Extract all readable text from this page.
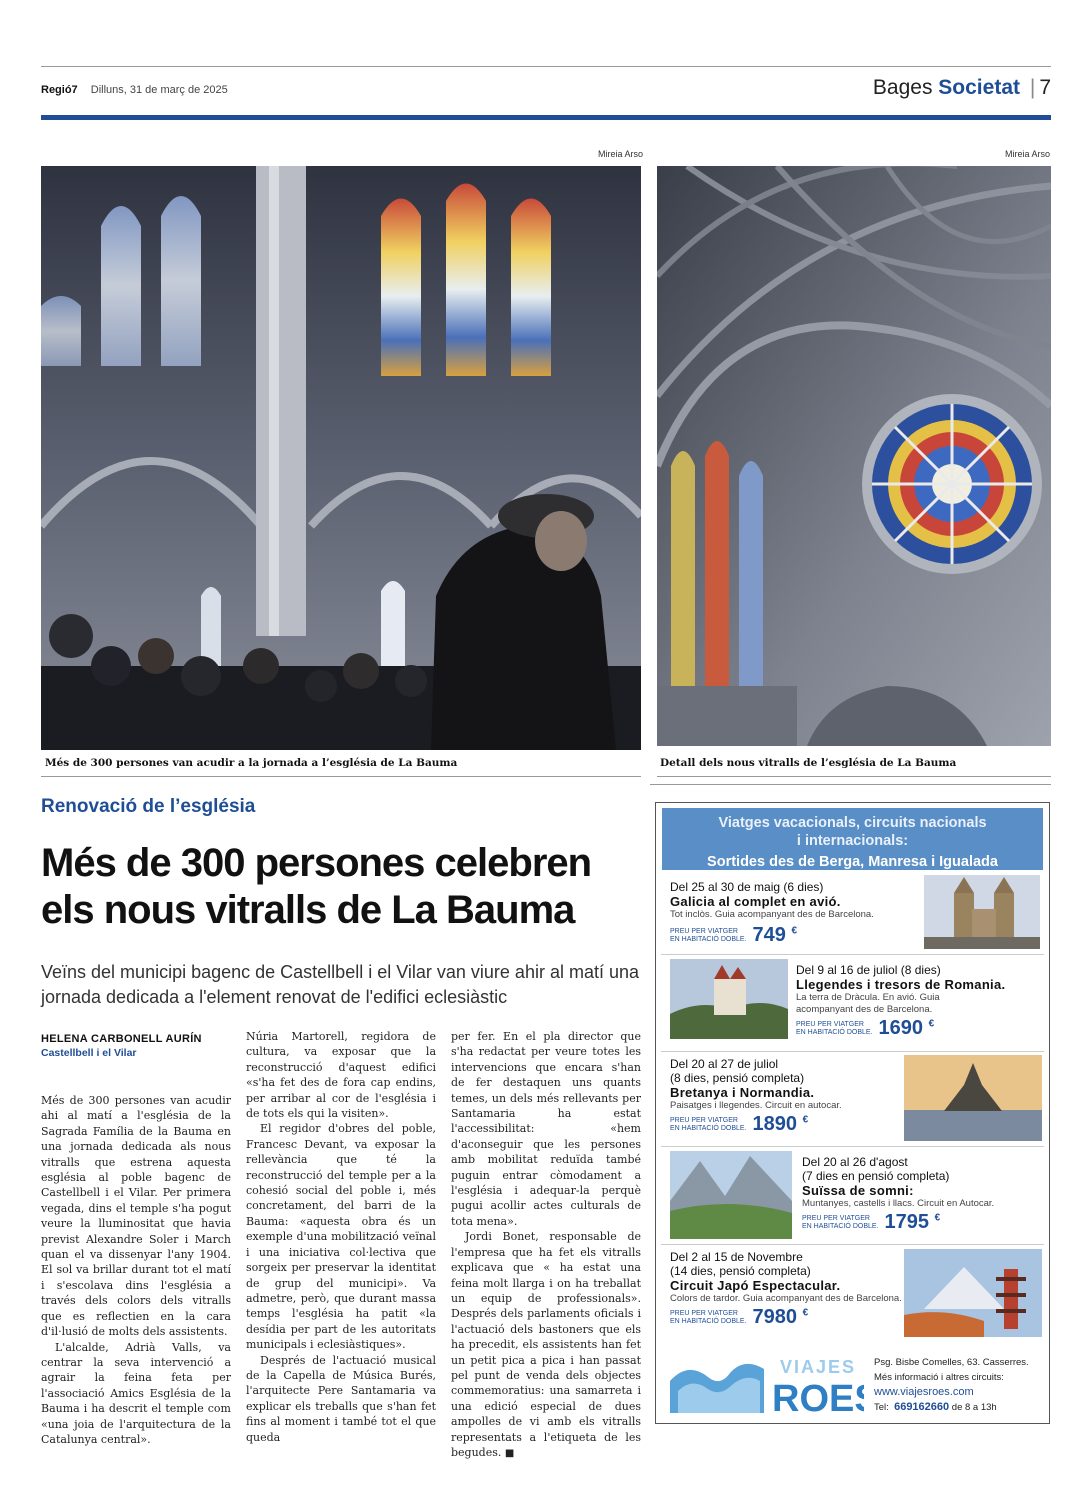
Regió7 Dilluns, 31 de març de 2025	Bages Societat | 7
Mireia Arso
Més de 300 persones van acudir a la jornada a l’església de La Bauma
Mireia Arso
Detall dels nous vitralls de l’església de La Bauma
Renovació de l’església
Més de 300 persones celebren els nous vitralls de La Bauma
Veïns del municipi bagenc de Castellbell i el Vilar van viure ahir al matí una jornada dedicada a l'element renovat de l'edifici eclesiàstic
HELENA CARBONELL AURÍN
Castellbell i el Vilar

Més de 300 persones van acudir ahi al matí a l'església de la Sagrada Família de la Bauma en una jornada dedicada als nous vitralls que estrena aquesta església al poble bagenc de Castellbell i el Vilar. Per primera vegada, dins el temple s'ha pogut veure la lluminositat que havia previst Alexandre Soler i March quan el va dissenyar l'any 1904. El sol va brillar durant tot el matí i s'escolava dins l'església a través dels colors dels vitralls que es reflectien en la cara d'il·lusió de molts dels assistents.

L'alcalde, Adrià Valls, va centrar la seva intervenció a agrair la feina feta per l'associació Amics Església de la Bauma i ha descrit el temple com «una joia de l'arquitectura de la Catalunya central».

Núria Martorell, regidora de cultura, va exposar que la reconstrucció d'aquest edifici «s'ha fet des de fora cap endins, per arribar al cor de l'església i de tots els qui la visiten».

El regidor d'obres del poble, Francesc Devant, va exposar la rellevància que té la reconstrucció del temple per a la cohesió social del poble i, més concretament, del barri de la Bauma: «aquesta obra és un exemple d'una mobilització veïnal i una iniciativa col·lectiva que sorgeix per preservar la identitat de grup del municipi». Va admetre, però, que durant massa temps l'església ha patit «la desídia per part de les autoritats municipals i eclesiàstiques».

Després de l'actuació musical de la Capella de Música Burés, l'arquitecte Pere Santamaria va explicar els treballs que s'han fet fins al moment i també tot el que queda

per fer. En el pla director que s'ha redactat per veure totes les intervencions que encara s'han de fer destaquen uns quants temes, un dels més rellevants per Santamaria ha estat l'accessibilitat: «hem d'aconseguir que les persones amb mobilitat reduïda també puguin entrar còmodament a l'església i adequar-la perquè pugui acollir actes culturals de tota mena».

Jordi Bonet, responsable de l'empresa que ha fet els vitralls explicava que « ha estat una feina molt llarga i on ha treballat un equip de professionals». Després dels parlaments oficials i l'actuació dels bastoners que els ha precedit, els assistents han fet un petit pica a pica i han passat pel punt de venda dels objectes commemoratius: una samarreta i una edició especial de dues ampolles de vi amb els vitralls representats a l'etiqueta de les begudes. ■

Viatges vacacionals, circuits nacionals
i internacionals:
Sortides des de Berga, Manresa i Igualada
Del 25 al 30 de maig (6 dies)
Galicia al complet en avió.
Tot inclòs. Guia acompanyant des de Barcelona.
PREU PER VIATGER
EN HABITACIÓ DOBLE. 749 €
Del 9 al 16 de juliol (8 dies)
Llegendes i tresors de Romania.
La terra de Dràcula. En avió. Guia
acompanyant des de Barcelona.
PREU PER VIATGER
EN HABITACIÓ DOBLE. 1690 €
Del 20 al 27 de juliol
(8 dies, pensió completa)
Bretanya i Normandia.
Paisatges i llegendes. Circuit en autocar.
PREU PER VIATGER
EN HABITACIÓ DOBLE. 1890 €
Del 20 al 26 d'agost
(7 dies en pensió completa)
Suïssa de somni:
Muntanyes, castells i llacs. Circuit en Autocar.
PREU PER VIATGER
EN HABITACIÓ DOBLE. 1795 €
Del 2 al 15 de Novembre
(14 dies, pensió completa)
Circuit Japó Espectacular.
Colors de tardor. Guia acompanyant des de Barcelona.
PREU PER VIATGER
EN HABITACIÓ DOBLE. 7980 €
VIAJES
ROE
Psg. Bisbe Comelles, 63. Casserres.
Més informació i altres circuits:
www.viajesroes.com
Tel: 669162660 de 8 a 13h
